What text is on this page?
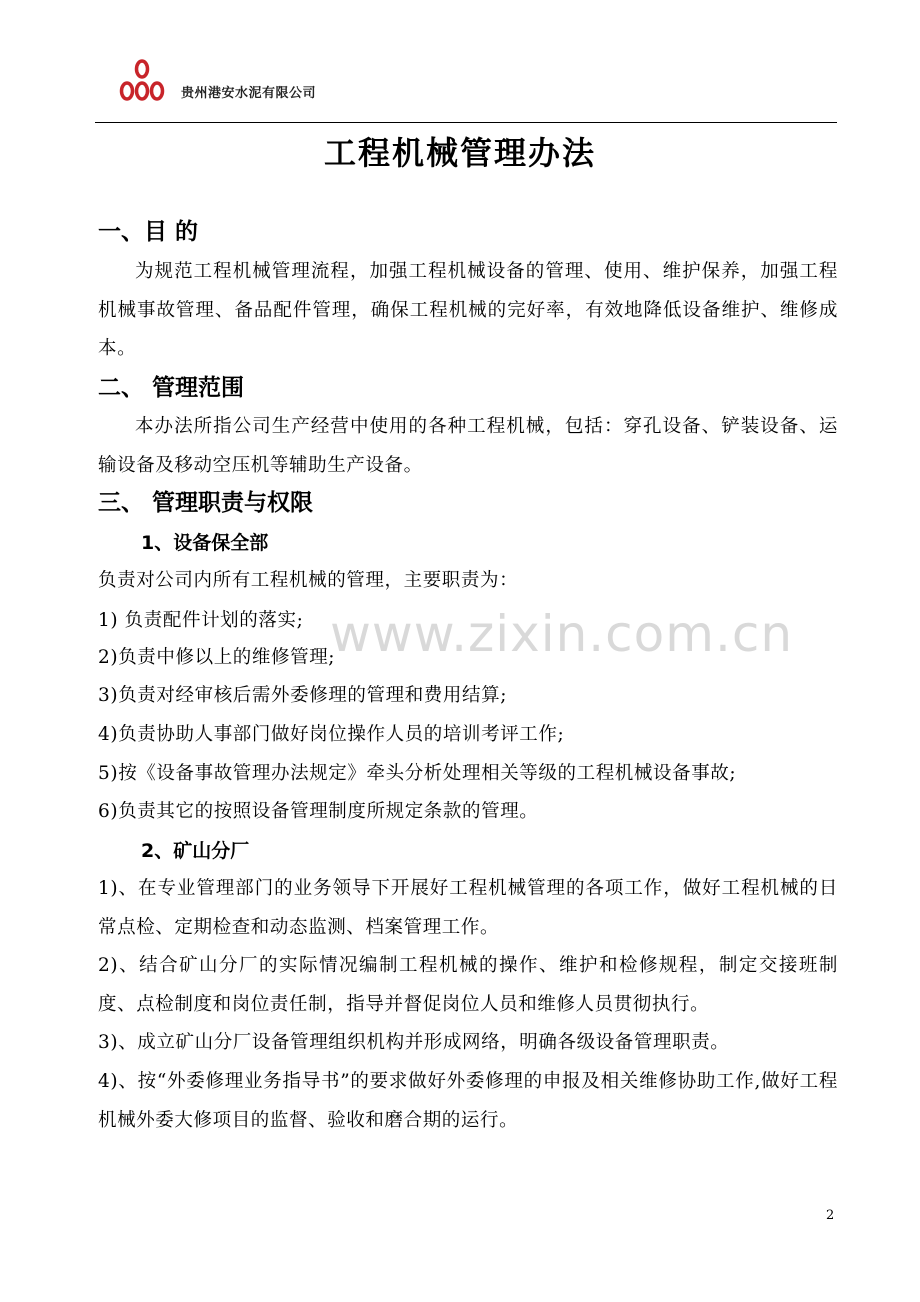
贵州港安水泥有限公司
工程机械管理办法
一、目 的
为规范工程机械管理流程，加强工程机械设备的管理、使用、维护保养，加强工程机械事故管理、备品配件管理，确保工程机械的完好率，有效地降低设备维护、维修成本。
二、 管理范围
本办法所指公司生产经营中使用的各种工程机械，包括：穿孔设备、铲装设备、运输设备及移动空压机等辅助生产设备。
三、 管理职责与权限
1、设备保全部
负责对公司内所有工程机械的管理，主要职责为：
1) 负责配件计划的落实;
2)负责中修以上的维修管理;
3)负责对经审核后需外委修理的管理和费用结算;
4)负责协助人事部门做好岗位操作人员的培训考评工作;
5)按《设备事故管理办法规定》牵头分析处理相关等级的工程机械设备事故;
6)负责其它的按照设备管理制度所规定条款的管理。
2、矿山分厂
1)、在专业管理部门的业务领导下开展好工程机械管理的各项工作，做好工程机械的日常点检、定期检查和动态监测、档案管理工作。
2)、结合矿山分厂的实际情况编制工程机械的操作、维护和检修规程，制定交接班制度、点检制度和岗位责任制，指导并督促岗位人员和维修人员贯彻执行。
3)、成立矿山分厂设备管理组织机构并形成网络，明确各级设备管理职责。
4)、按“外委修理业务指导书”的要求做好外委修理的申报及相关维修协助工作,做好工程机械外委大修项目的监督、验收和磨合期的运行。
www.zixin.com.cn
2
